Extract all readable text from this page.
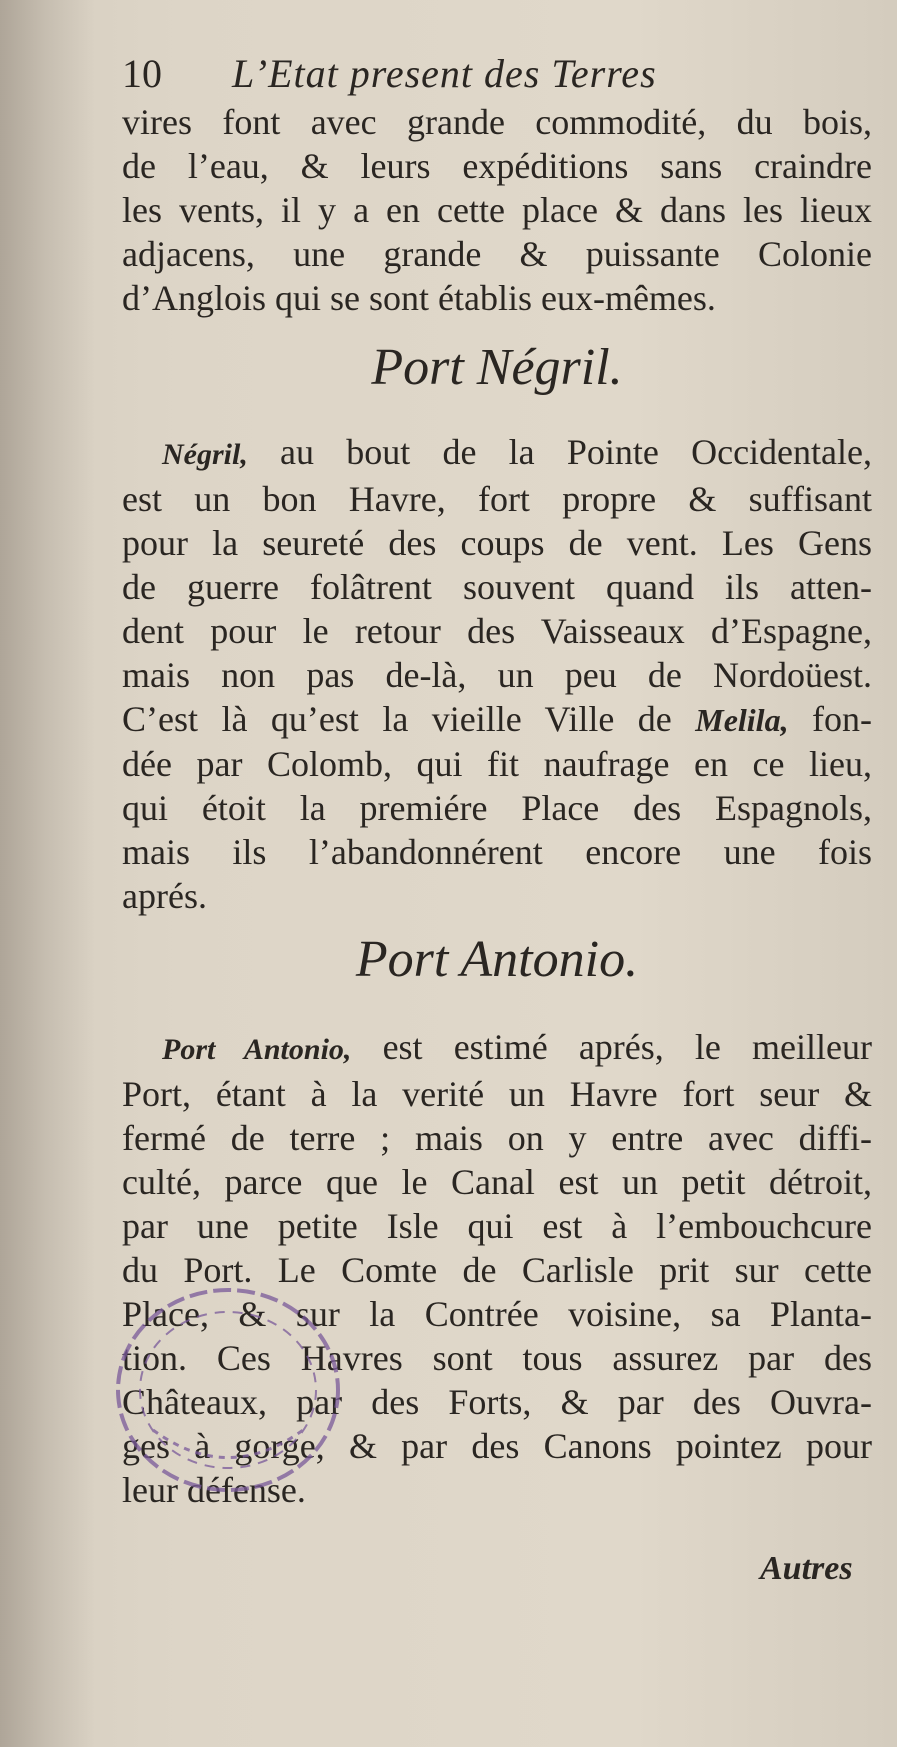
10 L’Etat present des Terres
vires font avec grande commodité, du bois,
de l’eau, & leurs expéditions sans craindre
les vents, il y a en cette place & dans les lieux
adjacens, une grande & puissante Colonie
d’Anglois qui se sont établis eux-mêmes.
Port Négril.
Négril, au bout de la Pointe Occidentale,
est un bon Havre, fort propre & suffisant
pour la seureté des coups de vent. Les Gens
de guerre folâtrent souvent quand ils atten-
dent pour le retour des Vaisseaux d’Espagne,
mais non pas de-là, un peu de Nordoüest.
C’est là qu’est la vieille Ville de Melila, fon-
dée par Colomb, qui fit naufrage en ce lieu,
qui étoit la premiére Place des Espagnols,
mais ils l’abandonnérent encore une fois
aprés.
Port Antonio.
Port Antonio, est estimé aprés, le meilleur
Port, étant à la verité un Havre fort seur &
fermé de terre ; mais on y entre avec diffi-
culté, parce que le Canal est un petit détroit,
par une petite Isle qui est à l’embouchcure
du Port. Le Comte de Carlisle prit sur cette
Place, & sur la Contrée voisine, sa Planta-
tion. Ces Havres sont tous assurez par des
Châteaux, par des Forts, & par des Ouvra-
ges à gorge, & par des Canons pointez pour
leur défense.
Autres
